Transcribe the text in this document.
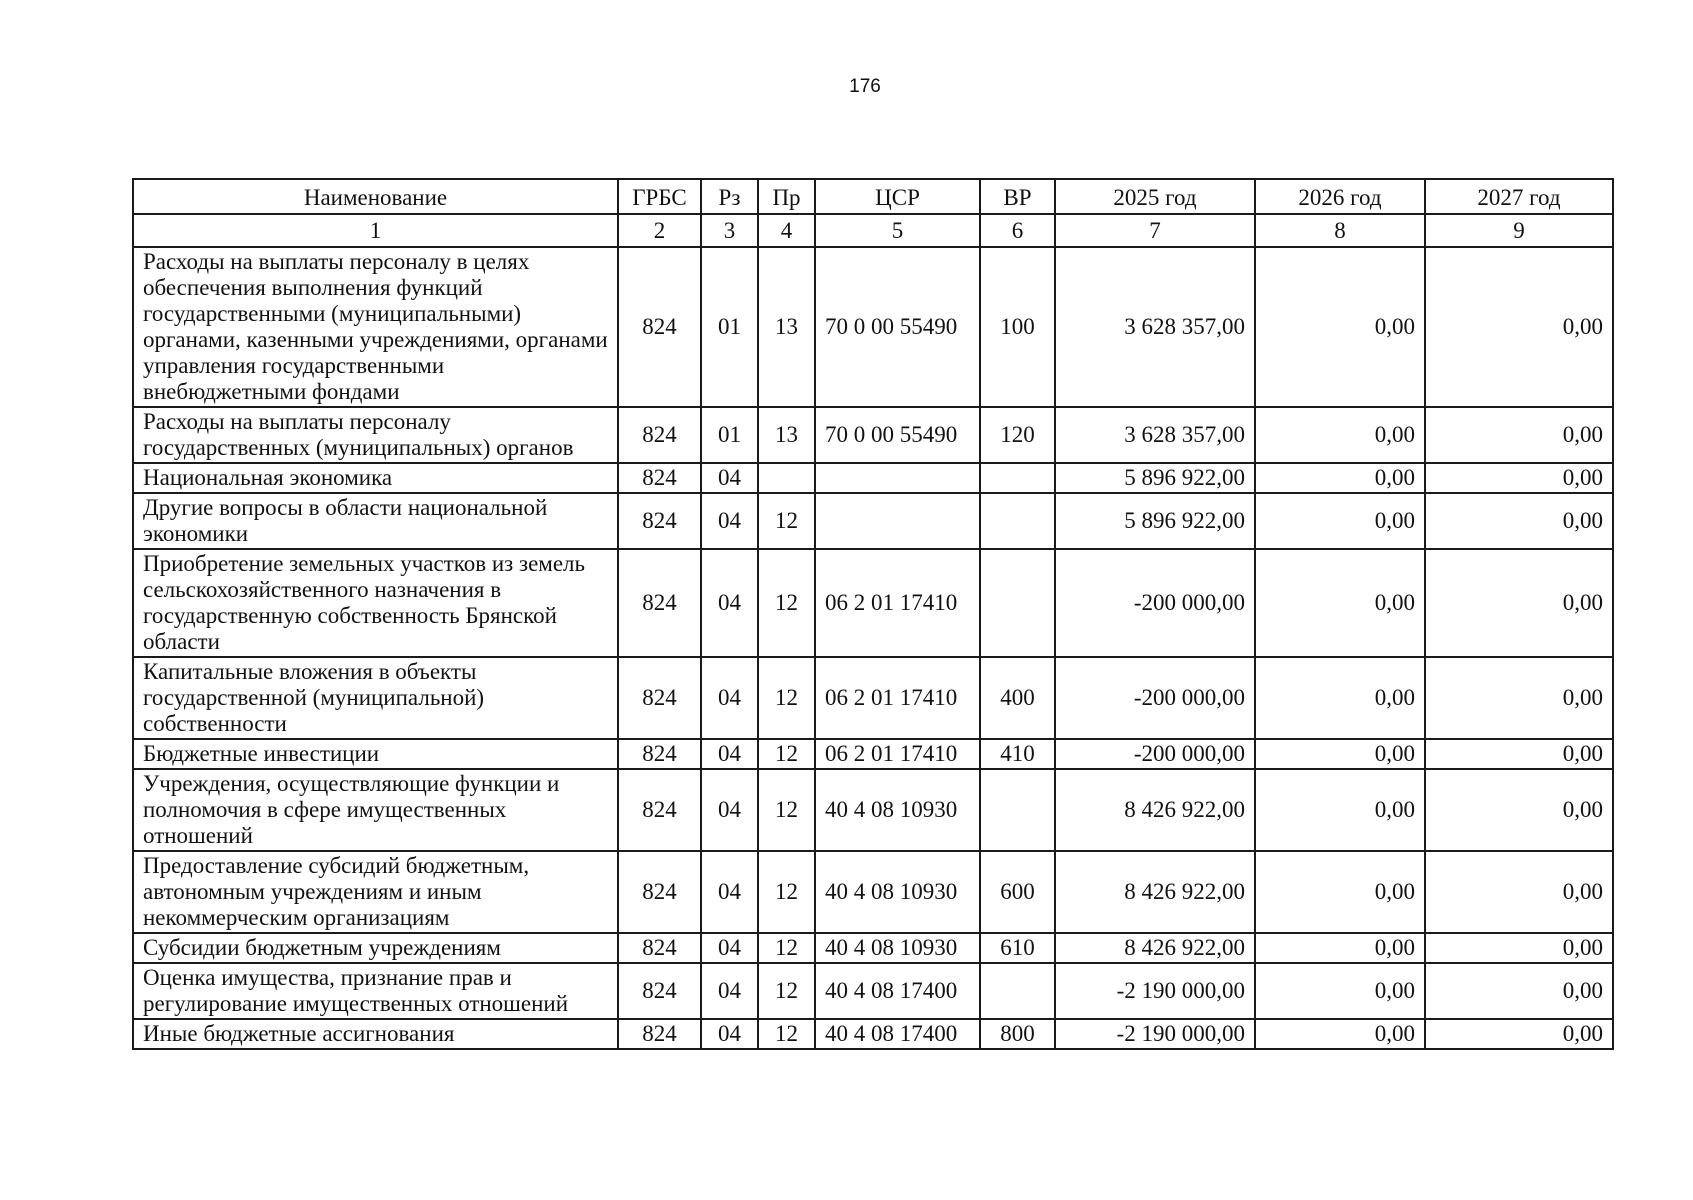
176
Наименование	ГРБС	Рз	Пр	ЦСР	ВР	2025 год	2026 год	2027 год
1	2	3	4	5	6	7	8	9
Расходы на выплаты персоналу в целях обеспечения выполнения функций государственными (муниципальными) органами, казенными учреждениями, органами управления государственными внебюджетными фондами	824	01	13	70 0 00 55490	100	3 628 357,00	0,00	0,00
Расходы на выплаты персоналу государственных (муниципальных) органов	824	01	13	70 0 00 55490	120	3 628 357,00	0,00	0,00
Национальная экономика	824	04				5 896 922,00	0,00	0,00
Другие вопросы в области национальной экономики	824	04	12			5 896 922,00	0,00	0,00
Приобретение земельных участков из земель сельскохозяйственного назначения в государственную собственность Брянской области	824	04	12	06 2 01 17410		-200 000,00	0,00	0,00
Капитальные вложения в объекты государственной (муниципальной) собственности	824	04	12	06 2 01 17410	400	-200 000,00	0,00	0,00
Бюджетные инвестиции	824	04	12	06 2 01 17410	410	-200 000,00	0,00	0,00
Учреждения, осуществляющие функции и полномочия в сфере имущественных отношений	824	04	12	40 4 08 10930		8 426 922,00	0,00	0,00
Предоставление субсидий бюджетным, автономным учреждениям и иным некоммерческим организациям	824	04	12	40 4 08 10930	600	8 426 922,00	0,00	0,00
Субсидии бюджетным учреждениям	824	04	12	40 4 08 10930	610	8 426 922,00	0,00	0,00
Оценка имущества, признание прав и регулирование имущественных отношений	824	04	12	40 4 08 17400		-2 190 000,00	0,00	0,00
Иные бюджетные ассигнования	824	04	12	40 4 08 17400	800	-2 190 000,00	0,00	0,00
